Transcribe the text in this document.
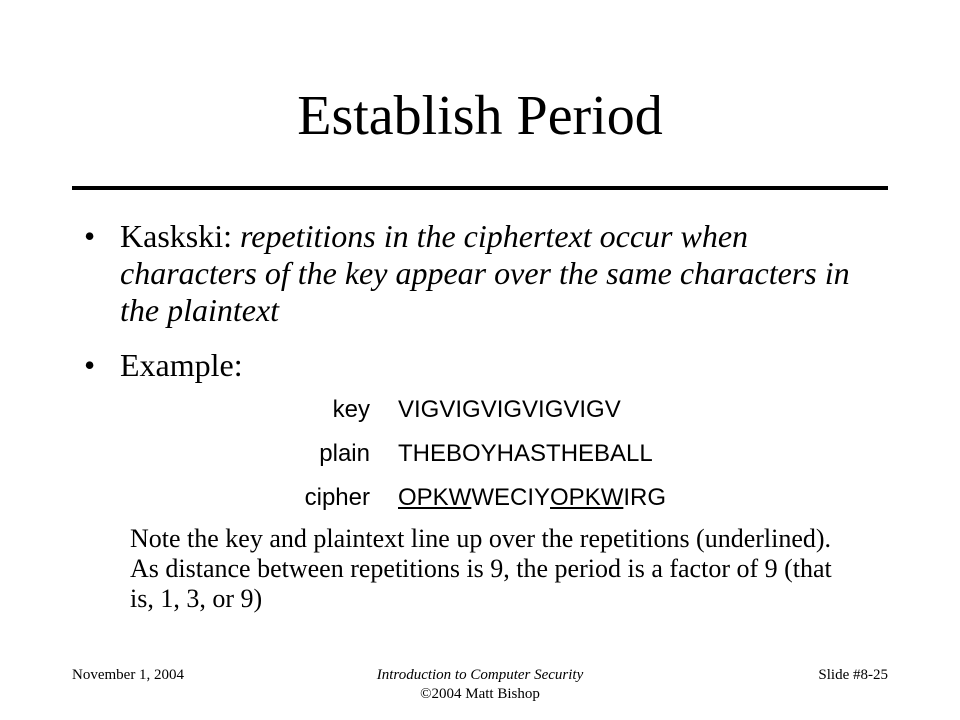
Establish Period
• Kaskski: repetitions in the ciphertext occur when characters of the key appear over the same characters in the plaintext
• Example:
key VIGVIGVIGVIGVIGV
plain THEBOYHASTHEBALL
cipher OPKWWECIYOPKWIRG
Note the key and plaintext line up over the repetitions (underlined). As distance between repetitions is 9, the period is a factor of 9 (that is, 1, 3, or 9)
November 1, 2004	Introduction to Computer Security
©2004 Matt Bishop
Slide #8-25
